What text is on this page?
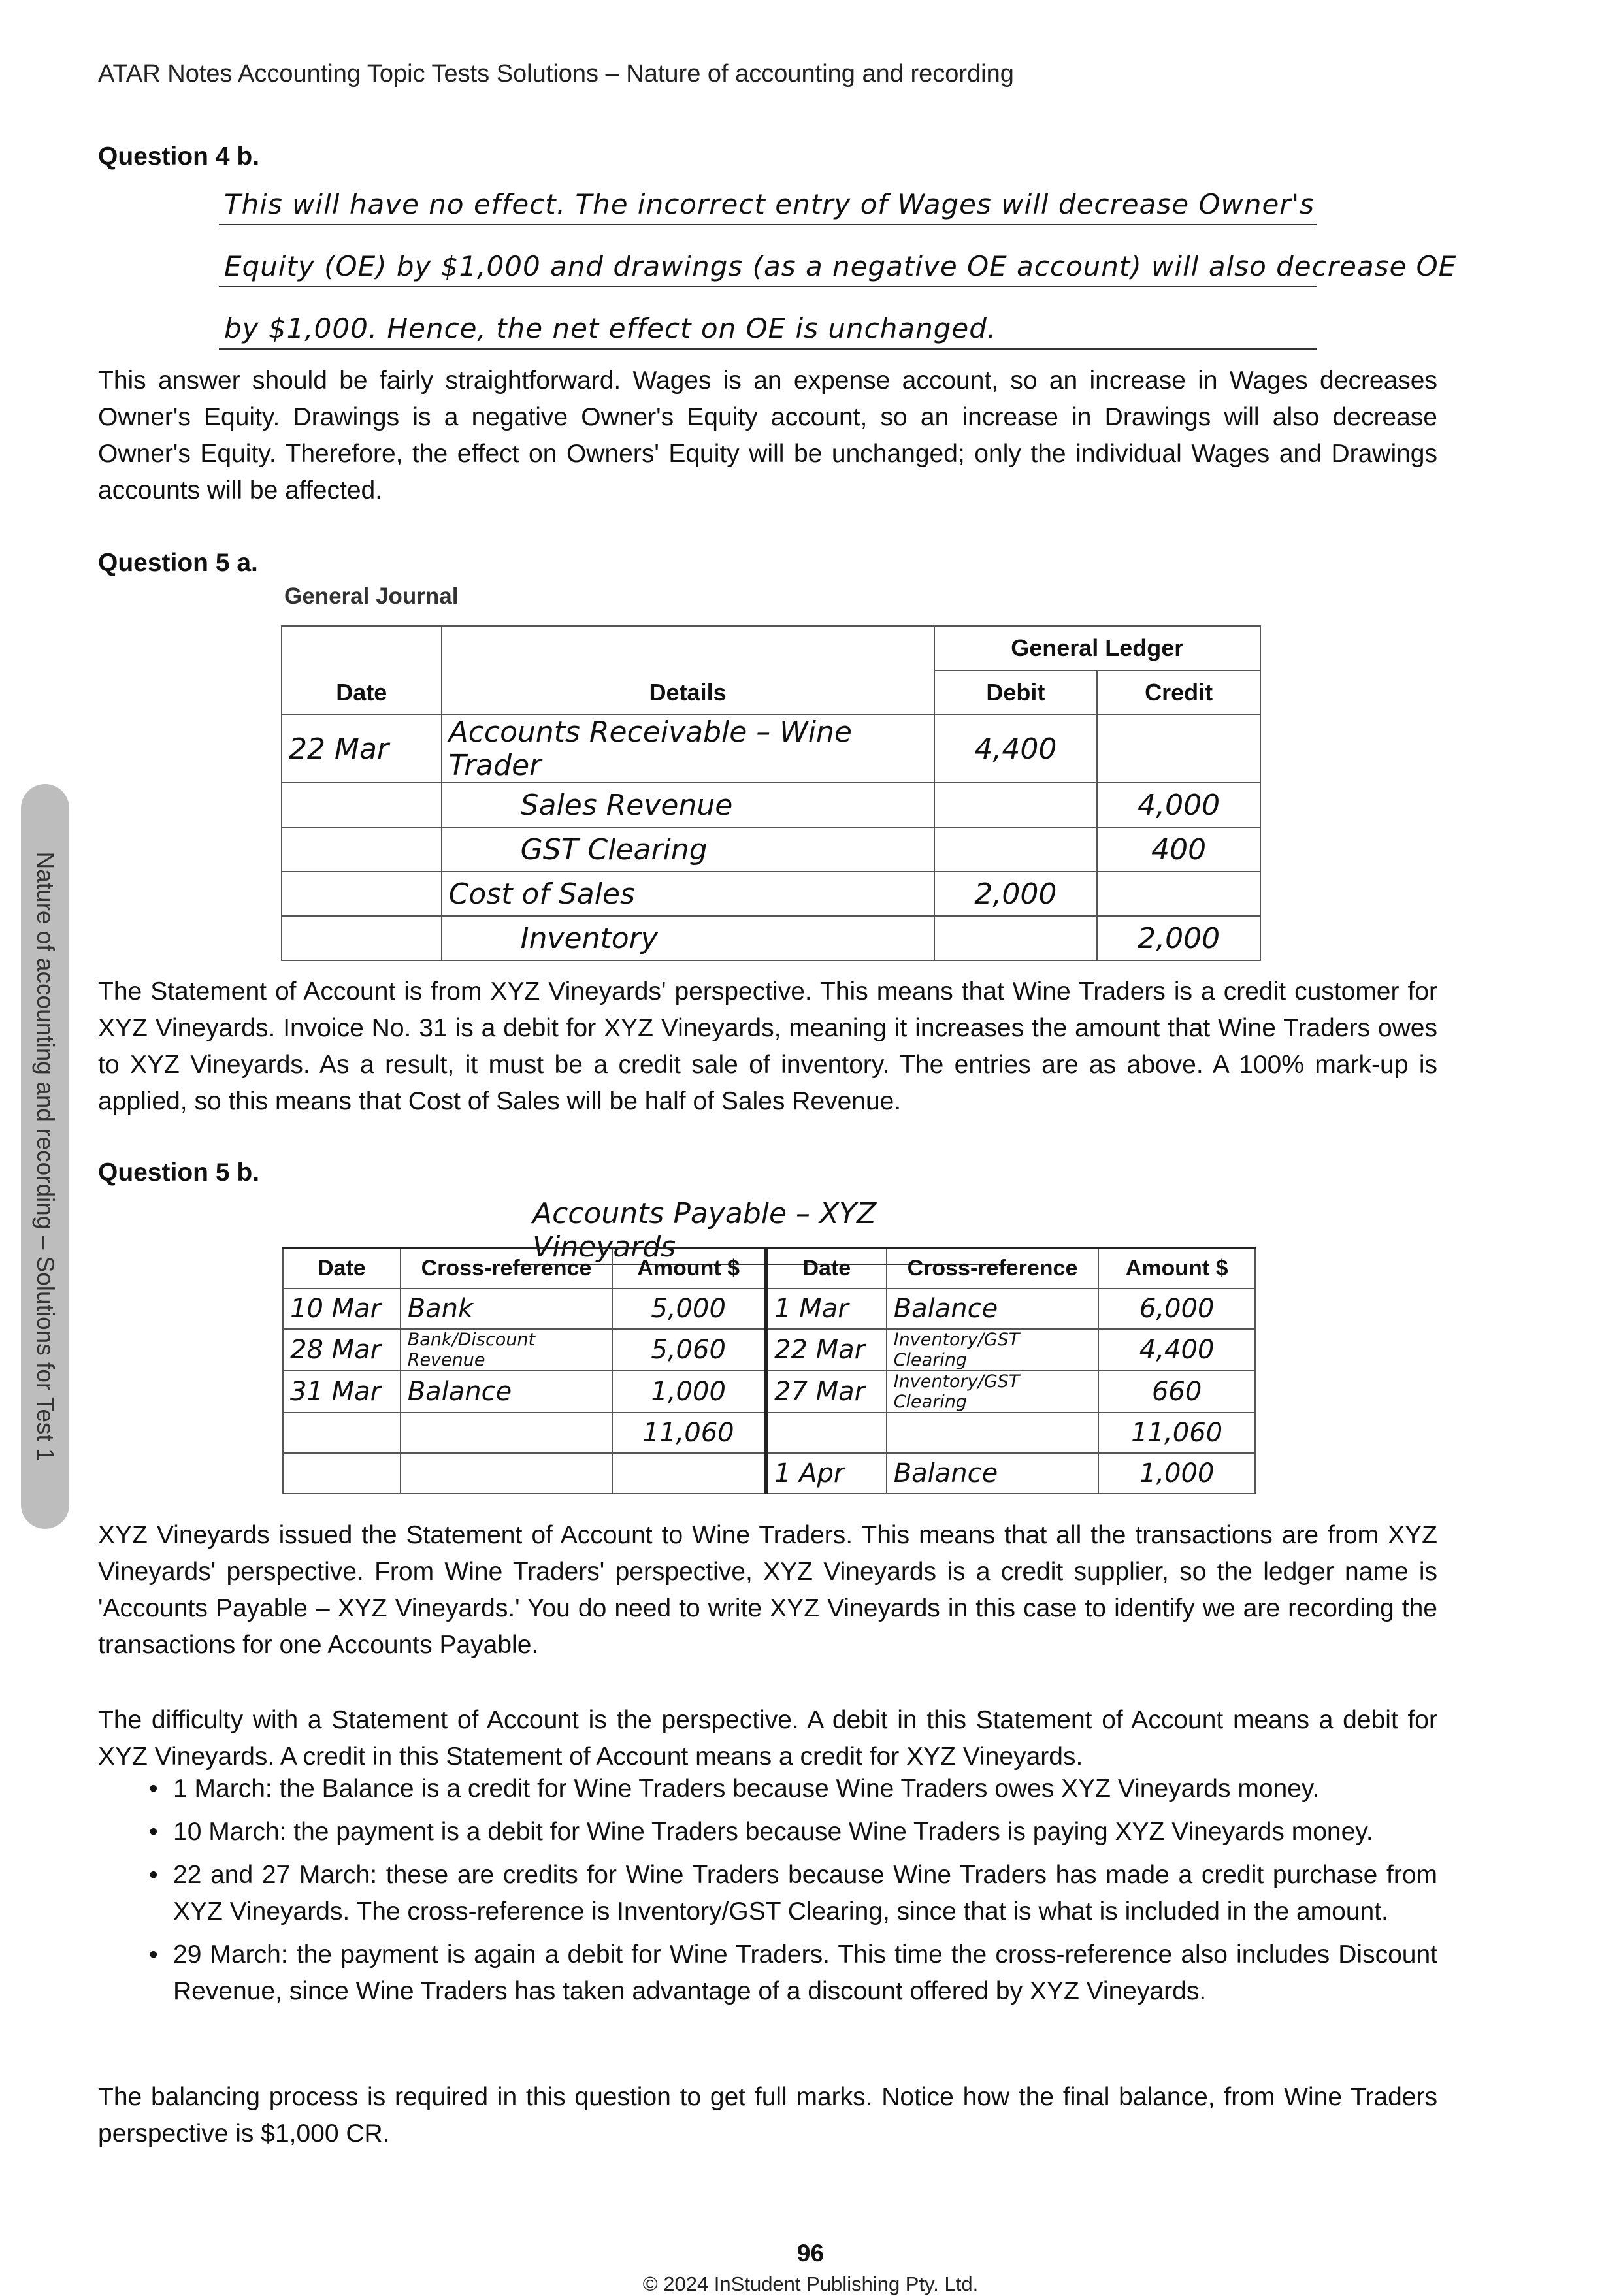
ATAR Notes Accounting Topic Tests Solutions – Nature of accounting and recording
Nature of accounting and recording – Solutions for Test 1
Question 4 b.
This will have no effect. The incorrect entry of Wages will decrease Owner's
Equity (OE) by $1,000 and drawings (as a negative OE account) will also decrease OE
by $1,000. Hence, the net effect on OE is unchanged.
This answer should be fairly straightforward. Wages is an expense account, so an increase in Wages decreases Owner's Equity. Drawings is a negative Owner's Equity account, so an increase in Drawings will also decrease Owner's Equity. Therefore, the effect on Owners' Equity will be unchanged; only the individual Wages and Drawings accounts will be affected.
Question 5 a.
General Journal
		General Ledger	
Date	Details	Debit	Credit
22 Mar	Accounts Receivable – Wine Trader	4,400	
	Sales Revenue		4,000
	GST Clearing		400
	Cost of Sales	2,000	
	Inventory		2,000
The Statement of Account is from XYZ Vineyards' perspective. This means that Wine Traders is a credit customer for XYZ Vineyards. Invoice No. 31 is a debit for XYZ Vineyards, meaning it increases the amount that Wine Traders owes to XYZ Vineyards. As a result, it must be a credit sale of inventory. The entries are as above. A 100% mark-up is applied, so this means that Cost of Sales will be half of Sales Revenue.
Question 5 b.
Accounts Payable – XYZ Vineyards
Date	Cross-reference	Amount $	Date	Cross-reference	Amount $
10 Mar	Bank	5,000	1 Mar	Balance	6,000
28 Mar	Bank/Discount Revenue	5,060	22 Mar	Inventory/GST Clearing	4,400
31 Mar	Balance	1,000	27 Mar	Inventory/GST Clearing	660
		11,060			11,060
			1 Apr	Balance	1,000
XYZ Vineyards issued the Statement of Account to Wine Traders. This means that all the transactions are from XYZ Vineyards' perspective. From Wine Traders' perspective, XYZ Vineyards is a credit supplier, so the ledger name is 'Accounts Payable – XYZ Vineyards.' You do need to write XYZ Vineyards in this case to identify we are recording the transactions for one Accounts Payable.
The difficulty with a Statement of Account is the perspective. A debit in this Statement of Account means a debit for XYZ Vineyards. A credit in this Statement of Account means a credit for XYZ Vineyards.
• 1 March: the Balance is a credit for Wine Traders because Wine Traders owes XYZ Vineyards money.
• 10 March: the payment is a debit for Wine Traders because Wine Traders is paying XYZ Vineyards money.
• 22 and 27 March: these are credits for Wine Traders because Wine Traders has made a credit purchase from XYZ Vineyards. The cross-reference is Inventory/GST Clearing, since that is what is included in the amount.
• 29 March: the payment is again a debit for Wine Traders. This time the cross-reference also includes Discount Revenue, since Wine Traders has taken advantage of a discount offered by XYZ Vineyards.
The balancing process is required in this question to get full marks. Notice how the final balance, from Wine Traders perspective is $1,000 CR.
96
© 2024 InStudent Publishing Pty. Ltd.
